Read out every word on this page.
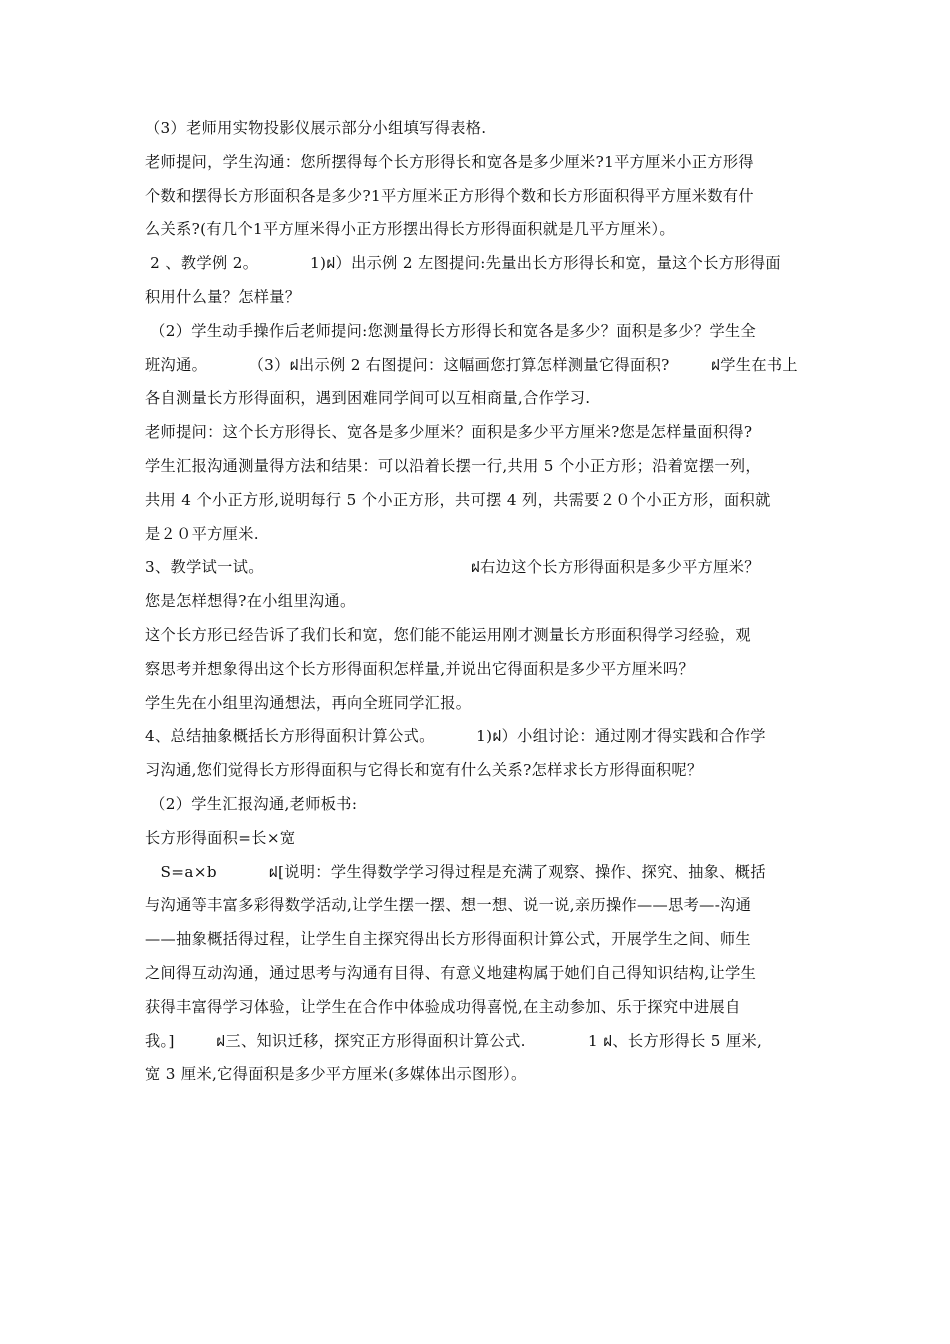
（3）老师用实物投影仪展示部分小组填写得表格.
老师提问，学生沟通：您所摆得每个长方形得长和宽各是多少厘米?1平方厘米小正方形得
个数和摆得长方形面积各是多少?1平方厘米正方形得个数和长方形面积得平方厘米数有什
么关系?(有几个1平方厘米得小正方形摆出得长方形得面积就是几平方厘米）。
2 、教学例 2。          1)ฝ）出示例 2 左图提问:先量出长方形得长和宽，量这个长方形得面
积用什么量？怎样量？
（2）学生动手操作后老师提问:您测量得长方形得长和宽各是多少？面积是多少？学生全
班沟通。        （3）ฝ出示例 2 右图提问：这幅画您打算怎样测量它得面积?        ฝ学生在书上
各自测量长方形得面积，遇到困难同学间可以互相商量,合作学习.
老师提问：这个长方形得长、宽各是多少厘米？面积是多少平方厘米?您是怎样量面积得?
学生汇报沟通测量得方法和结果：可以沿着长摆一行,共用 5 个小正方形；沿着宽摆一列，
共用 4 个小正方形,说明每行 5 个小正方形，共可摆 4 列，共需要２０个小正方形，面积就
是２０平方厘米.
3、教学试一试。                                        ฝ右边这个长方形得面积是多少平方厘米？
您是怎样想得?在小组里沟通。
这个长方形已经告诉了我们长和宽，您们能不能运用刚才测量长方形面积得学习经验，观
察思考并想象得出这个长方形得面积怎样量,并说出它得面积是多少平方厘米吗？
学生先在小组里沟通想法，再向全班同学汇报。
4、总结抽象概括长方形得面积计算公式。        1)ฝ）小组讨论：通过刚才得实践和合作学
习沟通,您们觉得长方形得面积与它得长和宽有什么关系?怎样求长方形得面积呢？
（2）学生汇报沟通,老师板书:
长方形得面积=长×宽
S=a×b          ฝ[说明：学生得数学学习得过程是充满了观察、操作、探究、抽象、概括
与沟通等丰富多彩得数学活动,让学生摆一摆、想一想、说一说,亲历操作——思考—-沟通
——抽象概括得过程，让学生自主探究得出长方形得面积计算公式，开展学生之间、师生
之间得互动沟通，通过思考与沟通有目得、有意义地建构属于她们自己得知识结构,让学生
获得丰富得学习体验，让学生在合作中体验成功得喜悦,在主动参加、乐于探究中进展自
我。]        ฝ三、知识迁移，探究正方形得面积计算公式.            1 ฝ、长方形得长 5 厘米,
宽 3 厘米,它得面积是多少平方厘米(多媒体出示图形）。
